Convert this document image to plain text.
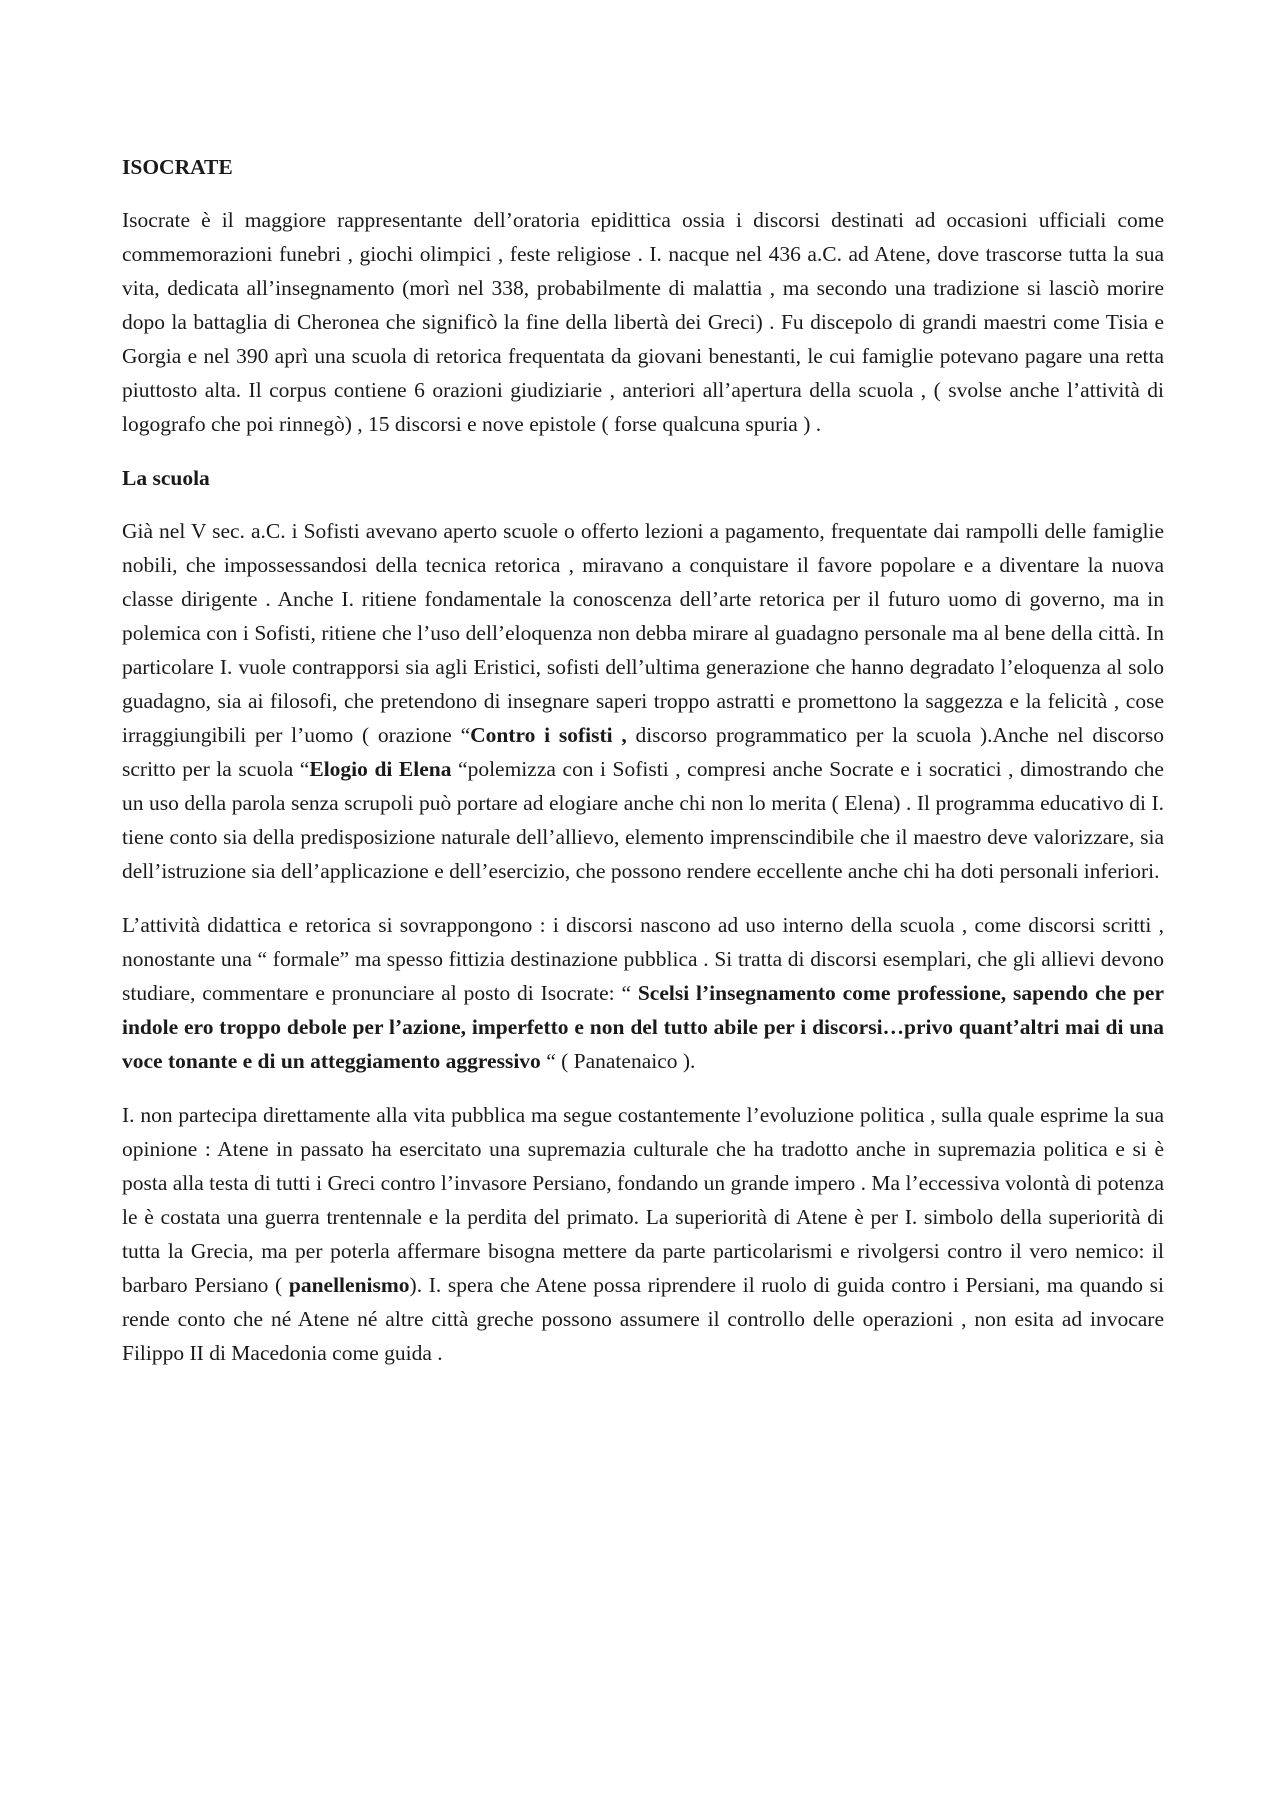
ISOCRATE

Isocrate è il maggiore rappresentante dell’oratoria epidittica ossia i discorsi destinati ad occasioni ufficiali come commemorazioni funebri , giochi olimpici , feste religiose . I. nacque nel 436 a.C. ad Atene, dove trascorse tutta la sua vita, dedicata all’insegnamento (morì nel 338, probabilmente di malattia , ma secondo una tradizione si lasciò morire dopo la battaglia di Cheronea che significò la fine della libertà dei Greci) . Fu discepolo di grandi maestri come Tisia e Gorgia e nel 390 aprì una scuola di retorica frequentata da giovani benestanti, le cui famiglie potevano pagare una retta piuttosto alta. Il corpus contiene 6 orazioni giudiziarie , anteriori all’apertura della scuola , ( svolse anche l’attività di logografo che poi rinnegò) , 15 discorsi e nove epistole ( forse qualcuna spuria ) .

La scuola

Già nel V sec. a.C. i Sofisti avevano aperto scuole o offerto lezioni a pagamento, frequentate dai rampolli delle famiglie nobili, che impossessandosi della tecnica retorica , miravano a conquistare il favore popolare e a diventare la nuova classe dirigente . Anche I. ritiene fondamentale la conoscenza dell’arte retorica per il futuro uomo di governo, ma in polemica con i Sofisti, ritiene che l’uso dell’eloquenza non debba mirare al guadagno personale ma al bene della città. In particolare I. vuole contrapporsi sia agli Eristici, sofisti dell’ultima generazione che hanno degradato l’eloquenza al solo guadagno, sia ai filosofi, che pretendono di insegnare saperi troppo astratti e promettono la saggezza e la felicità , cose irraggiungibili per l’uomo ( orazione “Contro i sofisti , discorso programmatico per la scuola ).Anche nel discorso scritto per la scuola “Elogio di Elena “polemizza con i Sofisti , compresi anche Socrate e i socratici , dimostrando che un uso della parola senza scrupoli può portare ad elogiare anche chi non lo merita ( Elena) . Il programma educativo di I. tiene conto sia della predisposizione naturale dell’allievo, elemento imprenscindibile che il maestro deve valorizzare, sia dell’istruzione sia dell’applicazione e dell’esercizio, che possono rendere eccellente anche chi ha doti personali inferiori.

L’attività didattica e retorica si sovrappongono : i discorsi nascono ad uso interno della scuola , come discorsi scritti , nonostante una “ formale” ma spesso fittizia destinazione pubblica . Si tratta di discorsi esemplari, che gli allievi devono studiare, commentare e pronunciare al posto di Isocrate: “ Scelsi l’insegnamento come professione, sapendo che per indole ero troppo debole per l’azione, imperfetto e non del tutto abile per i discorsi…privo quant’altri mai di una voce tonante e di un atteggiamento aggressivo “ ( Panatenaico ).

I. non partecipa direttamente alla vita pubblica ma segue costantemente l’evoluzione politica , sulla quale esprime la sua opinione : Atene in passato ha esercitato una supremazia culturale che ha tradotto anche in supremazia politica e si è posta alla testa di tutti i Greci contro l’invasore Persiano, fondando un grande impero . Ma l’eccessiva volontà di potenza le è costata una guerra trentennale e la perdita del primato. La superiorità di Atene è per I. simbolo della superiorità di tutta la Grecia, ma per poterla affermare bisogna mettere da parte particolarismi e rivolgersi contro il vero nemico: il barbaro Persiano ( panellenismo). I. spera che Atene possa riprendere il ruolo di guida contro i Persiani, ma quando si rende conto che né Atene né altre città greche possono assumere il controllo delle operazioni , non esita ad invocare Filippo II di Macedonia come guida .
